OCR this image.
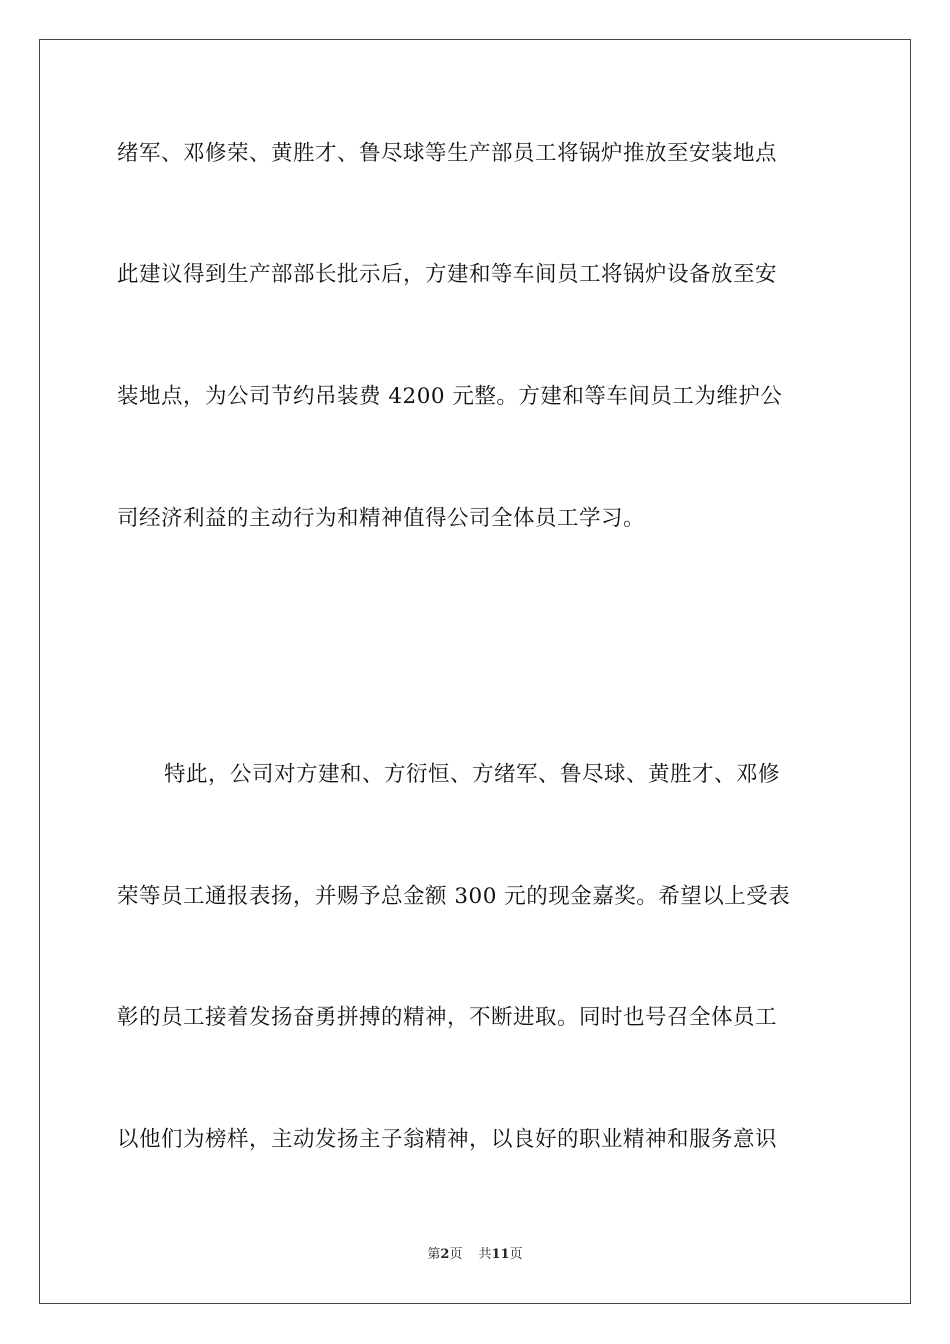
绪军、邓修荣、黄胜才、鲁尽球等生产部员工将锅炉推放至安装地点
此建议得到生产部部长批示后，方建和等车间员工将锅炉设备放至安
装地点，为公司节约吊装费 4200 元整。方建和等车间员工为维护公
司经济利益的主动行为和精神值得公司全体员工学习。
特此，公司对方建和、方衍恒、方绪军、鲁尽球、黄胜才、邓修
荣等员工通报表扬，并赐予总金额 300 元的现金嘉奖。希望以上受表
彰的员工接着发扬奋勇拼搏的精神，不断进取。同时也号召全体员工
以他们为榜样，主动发扬主子翁精神，以良好的职业精神和服务意识
第2页 共11页
